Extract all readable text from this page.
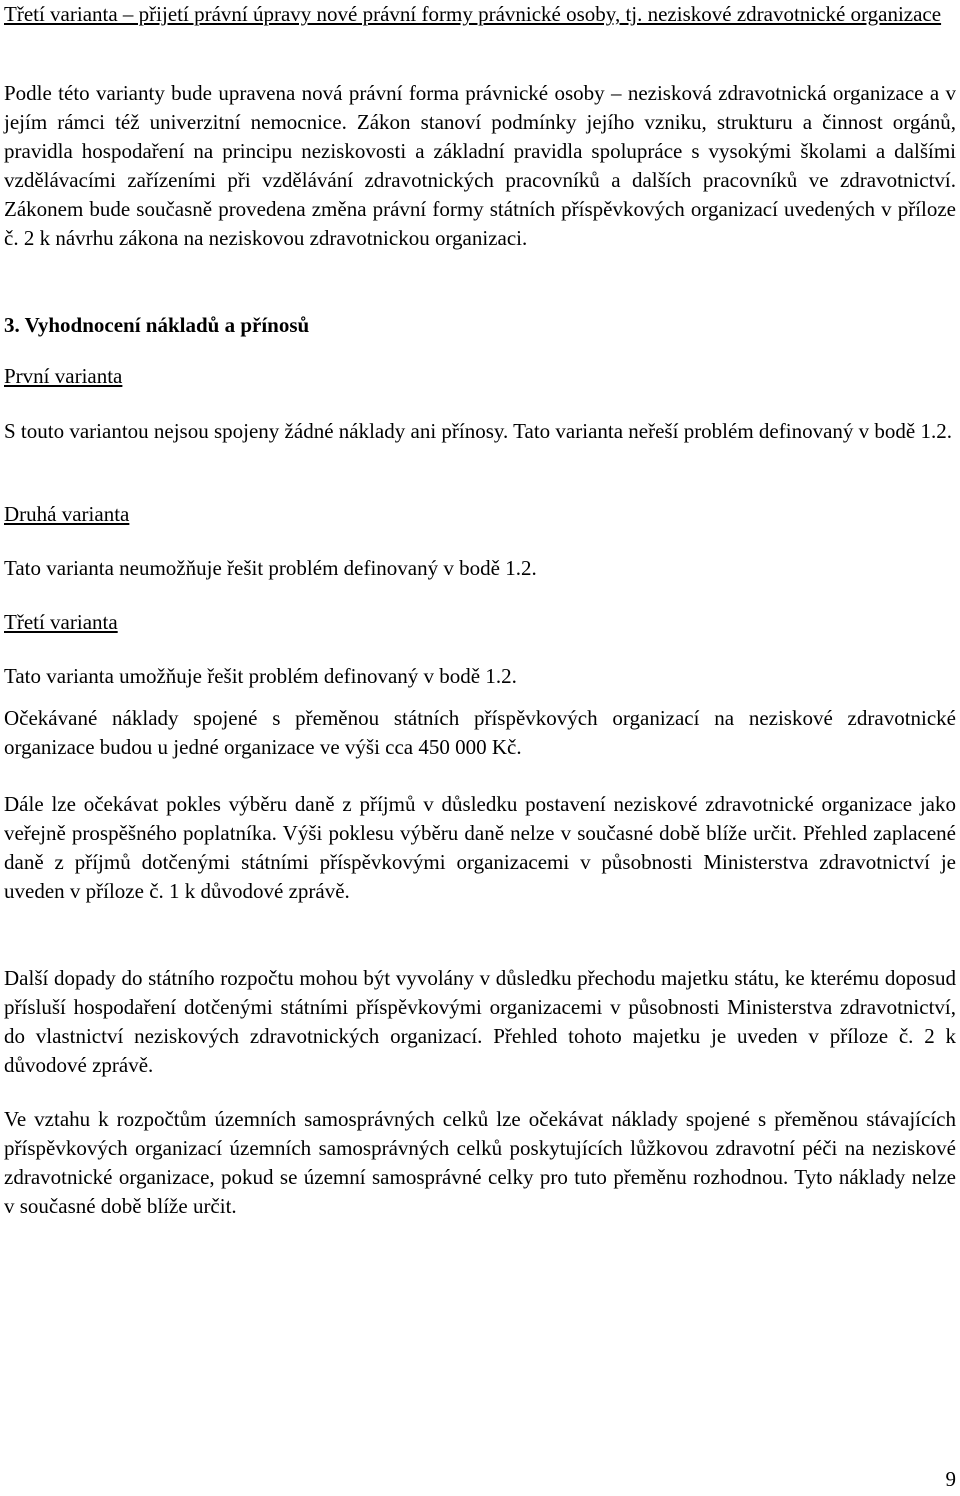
Třetí varianta – přijetí právní úpravy nové právní formy právnické osoby, tj. neziskové zdravotnické organizace

Podle této varianty bude upravena nová právní forma právnické osoby – nezisková zdravotnická organizace a v jejím rámci též univerzitní nemocnice. Zákon stanoví podmínky jejího vzniku, strukturu a činnost orgánů, pravidla hospodaření na principu neziskovosti a základní pravidla spolupráce s vysokými školami a dalšími vzdělávacími zařízeními při vzdělávání zdravotnických pracovníků a dalších pracovníků ve zdravotnictví. Zákonem bude současně provedena změna právní formy státních příspěvkových organizací uvedených v příloze č. 2 k návrhu zákona na neziskovou zdravotnickou organizaci.

3. Vyhodnocení nákladů a přínosů

První varianta

S touto variantou nejsou spojeny žádné náklady ani přínosy. Tato varianta neřeší problém definovaný v bodě 1.2.

Druhá varianta

Tato varianta neumožňuje řešit problém definovaný v bodě 1.2.

Třetí varianta

Tato varianta umožňuje řešit problém definovaný v bodě 1.2.

Očekávané náklady spojené s přeměnou státních příspěvkových organizací na neziskové zdravotnické organizace budou u jedné organizace ve výši cca 450 000 Kč.

Dále lze očekávat pokles výběru daně z příjmů v důsledku postavení neziskové zdravotnické organizace jako veřejně prospěšného poplatníka. Výši poklesu výběru daně nelze v současné době blíže určit. Přehled zaplacené daně z příjmů dotčenými státními příspěvkovými organizacemi v působnosti Ministerstva zdravotnictví je uveden v příloze č. 1 k důvodové zprávě.

Další dopady do státního rozpočtu mohou být vyvolány v důsledku přechodu majetku státu, ke kterému doposud přísluší hospodaření dotčenými státními příspěvkovými organizacemi v působnosti Ministerstva zdravotnictví, do vlastnictví neziskových zdravotnických organizací. Přehled tohoto majetku je uveden v příloze č. 2 k důvodové zprávě.

Ve vztahu k rozpočtům územních samosprávných celků lze očekávat náklady spojené s přeměnou stávajících příspěvkových organizací územních samosprávných celků poskytujících lůžkovou zdravotní péči na neziskové zdravotnické organizace, pokud se územní samosprávné celky pro tuto přeměnu rozhodnou. Tyto náklady nelze v současné době blíže určit.

9
